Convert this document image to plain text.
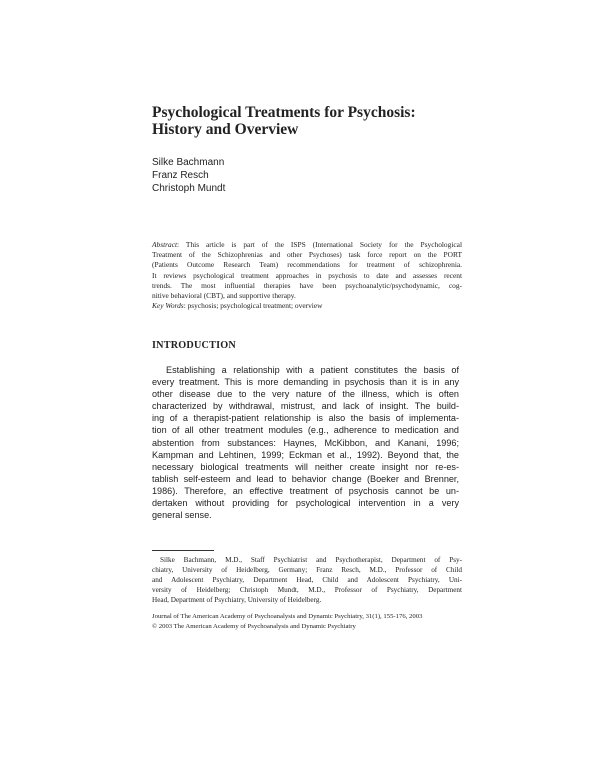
Psychological Treatments for Psychosis:
History and Overview
Silke Bachmann
Franz Resch
Christoph Mundt
Abstract: This article is part of the ISPS (International Society for the Psychological
Treatment of the Schizophrenias and other Psychoses) task force report on the PORT
(Patients Outcome Research Team) recommendations for treatment of schizophrenia.
It reviews psychological treatment approaches in psychosis to date and assesses recent
trends. The most influential therapies have been psychoanalytic/psychodynamic, cog-
nitive behavioral (CBT), and supportive therapy.
Key Words: psychosis; psychological treatment; overview
INTRODUCTION
Establishing a relationship with a patient constitutes the basis of
every treatment. This is more demanding in psychosis than it is in any
other disease due to the very nature of the illness, which is often
characterized by withdrawal, mistrust, and lack of insight. The build-
ing of a therapist-patient relationship is also the basis of implementa-
tion of all other treatment modules (e.g., adherence to medication and
abstention from substances: Haynes, McKibbon, and Kanani, 1996;
Kampman and Lehtinen, 1999; Eckman et al., 1992). Beyond that, the
necessary biological treatments will neither create insight nor re-es-
tablish self-esteem and lead to behavior change (Boeker and Brenner,
1986). Therefore, an effective treatment of psychosis cannot be un-
dertaken without providing for psychological intervention in a very
general sense.
Silke Bachmann, M.D., Staff Psychiatrist and Psychotherapist, Department of Psy-
chiatry, University of Heidelberg, Germany; Franz Resch, M.D., Professor of Child
and Adolescent Psychiatry, Department Head, Child and Adolescent Psychiatry, Uni-
versity of Heidelberg; Christoph Mundt, M.D., Professor of Psychiatry, Department
Head, Department of Psychiatry, University of Heidelberg.
Journal of The American Academy of Psychoanalysis and Dynamic Psychiatry, 31(1), 155-176, 2003
© 2003 The American Academy of Psychoanalysis and Dynamic Psychiatry
